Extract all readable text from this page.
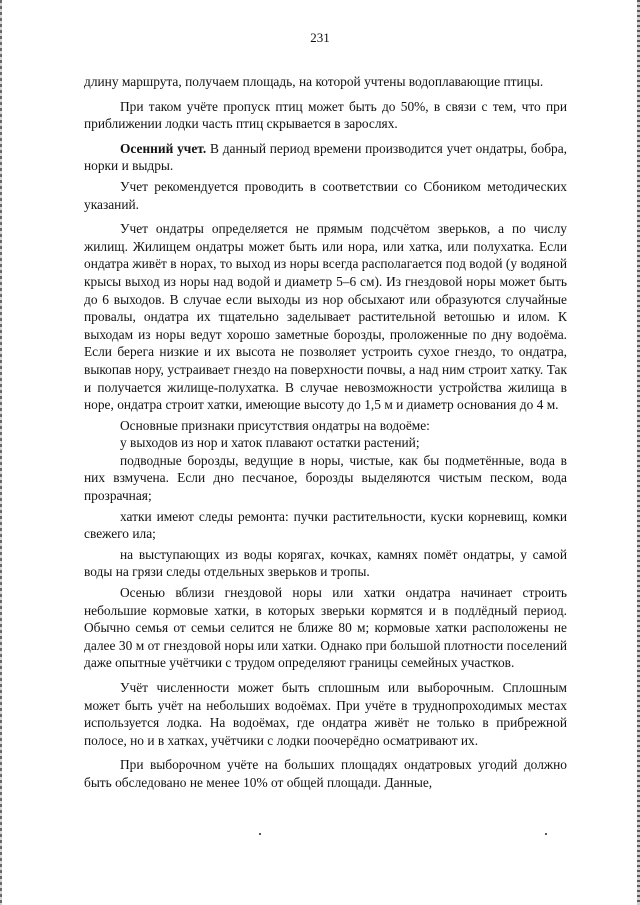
231

длину маршрута, получаем площадь, на которой учтены водоплавающие птицы.

При таком учёте пропуск птиц может быть до 50%, в связи с тем, что при приближении лодки часть птиц скрывается в зарослях.

Осенний учет. В данный период времени производится учет ондатры, бобра, норки и выдры.

Учет рекомендуется проводить в соответствии со Сбоником методических указаний.

Учет ондатры определяется не прямым подсчётом зверьков, а по числу жилищ. Жилищем ондатры может быть или нора, или хатка, или полухатка. Если ондатра живёт в норах, то выход из норы всегда располагается под водой (у водяной крысы выход из норы над водой и диаметр 5–6 см). Из гнездовой норы может быть до 6 выходов. В случае если выходы из нор обсыхают или образуются случайные провалы, ондатра их тщательно заделывает растительной ветошью и илом. К выходам из норы ведут хорошо заметные борозды, проложенные по дну водоёма. Если берега низкие и их высота не позволяет устроить сухое гнездо, то ондатра, выкопав нору, устраивает гнездо на поверхности почвы, а над ним строит хатку. Так и получается жилище-полухатка. В случае невозможности устройства жилища в норе, ондатра строит хатки, имеющие высоту до 1,5 м и диаметр основания до 4 м.

Основные признаки присутствия ондатры на водоёме:

у выходов из нор и хаток плавают остатки растений;

подводные борозды, ведущие в норы, чистые, как бы подметённые, вода в них взмучена. Если дно песчаное, борозды выделяются чистым песком, вода прозрачная;

хатки имеют следы ремонта: пучки растительности, куски корневищ, комки свежего ила;

на выступающих из воды корягах, кочках, камнях помёт ондатры, у самой воды на грязи следы отдельных зверьков и тропы.

Осенью вблизи гнездовой норы или хатки ондатра начинает строить небольшие кормовые хатки, в которых зверьки кормятся и в подлёдный период. Обычно семья от семьи селится не ближе 80 м; кормовые хатки расположены не далее 30 м от гнездовой норы или хатки. Однако при большой плотности поселений даже опытные учётчики с трудом определяют границы семейных участков.

Учёт численности может быть сплошным или выборочным. Сплошным может быть учёт на небольших водоёмах. При учёте в труднопроходимых местах используется лодка. На водоёмах, где ондатра живёт не только в прибрежной полосе, но и в хатках, учётчики с лодки поочерёдно осматривают их.

При выборочном учёте на больших площадях ондатровых угодий должно быть обследовано не менее 10% от общей площади. Данные,
